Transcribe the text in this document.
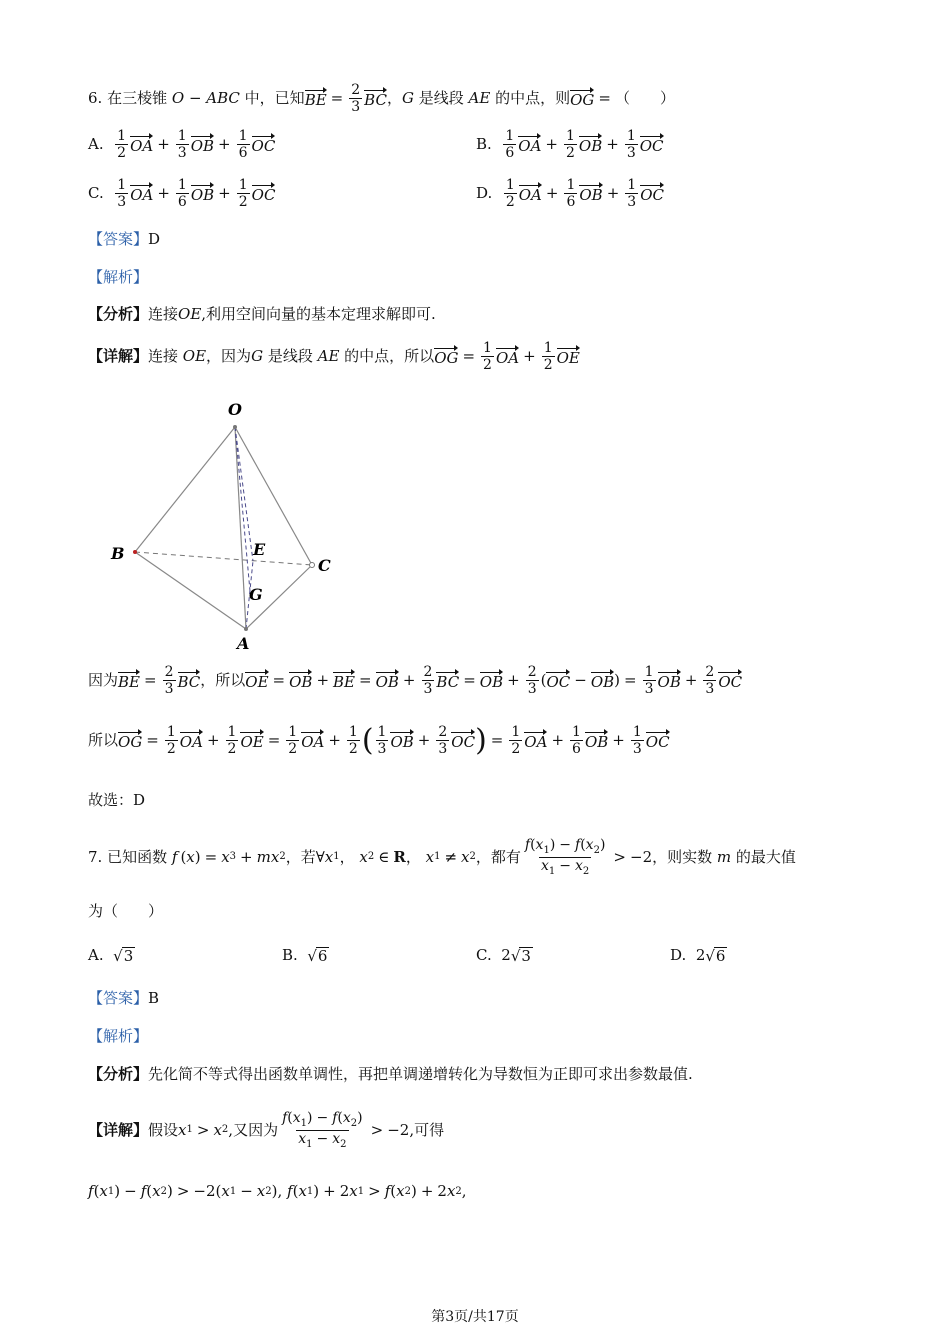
6.
在三棱锥 O − ABC 中，已知 BE = $\frac{2}{3}$ BC ， G 是线段 AE 的中点，则 OG = （　　）
A.
$\frac{1}{2}$ OA + $\frac{1}{3}$ OB + $\frac{1}{6}$ OC	B.
$\frac{1}{6}$ OA + $\frac{1}{2}$ OB + $\frac{1}{3}$ OC
C.
$\frac{1}{3}$ OA + $\frac{1}{6}$ OB + $\frac{1}{2}$ OC	D.
$\frac{1}{2}$ OA + $\frac{1}{6}$ OB + $\frac{1}{3}$ OC
【答案】 D
【解析】
【分析】 连接 OE ,利用空间向量的基本定理求解即可.
【详解】 连接 OE ，因为 G 是线段 AE 的中点，所以 OG = $\frac{1}{2}$ OA + $\frac{1}{2}$ OE
O
B
C
E
G
A
因为 BE = $\frac{2}{3}$ BC ，所以 OE = OB + BE = OB + $\frac{2}{3}$ BC = OB + $\frac{2}{3}$ ( OC − OB ) = $\frac{1}{3}$ OB + $\frac{2}{3}$ OC
所以 OG = $\frac{1}{2}$ OA + $\frac{1}{2}$ OE = $\frac{1}{2}$ OA + $\frac{1}{2}$ ( $\frac{1}{3}$ OB + $\frac{2}{3}$ OC ) = $\frac{1}{2}$ OA + $\frac{1}{6}$ OB + $\frac{1}{3}$ OC
故选：D
7.
已知函数 f  ( x ) = x 3 + mx 2 ，若 ∀ x 1 ， x 2 ∈ R ， x 1 ≠ x 2 ，都有 $\frac{f(x_1) - f(x_2)}{x_1 - x_2} > -2$ ，则实数 m 的最大值
为（　　）
A.
√ 3	B.
√ 6	C.
2 √ 3	D.
2 √ 6
【答案】 B
【解析】
【分析】 先化简不等式得出函数单调性，再把单调递增转化为导数恒为正即可求出参数最值.
【详解】 假设 x 1 > x 2 ,又因为 $\frac{f(x_1) - f(x_2)}{x_1 - x_2} > -2$ ,可得
f ( x 1 ) − f ( x 2 ) > −2( x 1 − x 2 ), f ( x 1 ) + 2 x 1 > f ( x 2 ) + 2 x 2 ,
第3页/共17页
